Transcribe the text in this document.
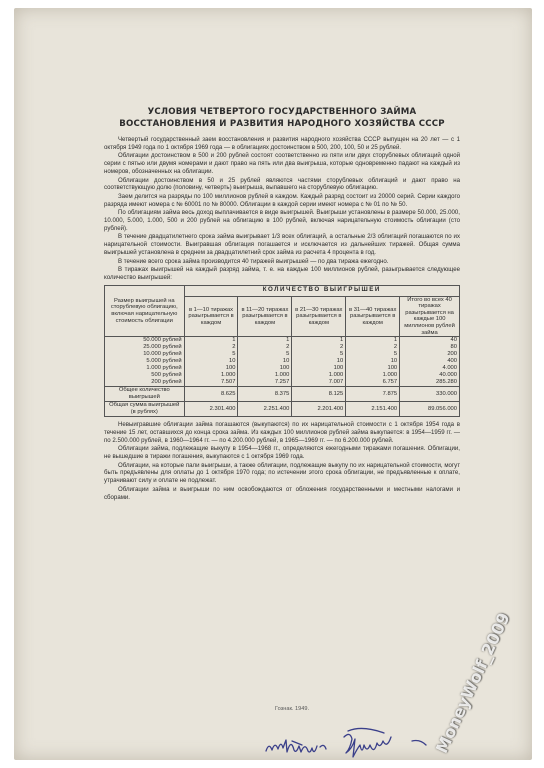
УСЛОВИЯ ЧЕТВЕРТОГО ГОСУДАРСТВЕННОГО ЗАЙМА
ВОССТАНОВЛЕНИЯ И РАЗВИТИЯ НАРОДНОГО ХОЗЯЙСТВА СССР

Четвертый государственный заем восстановления и развития народного хозяйства СССР выпущен на 20 лет — с 1 октября 1949 года по 1 октября 1969 года — в облигациях достоинством в 500, 200, 100, 50 и 25 рублей.

Облигации достоинством в 500 и 200 рублей состоят соответственно из пяти или двух сторублевых облигаций одной серии с пятью или двумя номерами и дают право на пять или два выигрыша, которые одновременно падают на каждый из номеров, обозначенных на облигации.

Облигации достоинством в 50 и 25 рублей являются частями сторублевых облигаций и дают право на соответствующую долю (половину, четверть) выигрыша, выпавшего на сторублевую облигацию.

Заем делится на разряды по 100 миллионов рублей в каждом. Каждый разряд состоит из 20000 серий. Серии каждого разряда имеют номера с № 60001 по № 80000. Облигации в каждой серии имеют номера с № 01 по № 50.

По облигациям займа весь доход выплачивается в виде выигрышей. Выигрыши установлены в размере 50.000, 25.000, 10.000, 5.000, 1.000, 500 и 200 рублей на облигацию в 100 рублей, включая нарицательную стоимость облигации (сто рублей).

В течение двадцатилетнего срока займа выигрывает 1/3 всех облигаций, а остальные 2/3 облигаций погашаются по их нарицательной стоимости. Выигравшая облигация погашается и исключается из дальнейших тиражей. Общая сумма выигрышей установлена в среднем за двадцатилетний срок займа из расчета 4 процента в год.

В течение всего срока займа производится 40 тиражей выигрышей — по два тиража ежегодно.

В тиражах выигрышей на каждый разряд займа, т. е. на каждые 100 миллионов рублей, разыгрывается следующее количество выигрышей:

Размер выигрышей на сторублевую облигацию, включая нарицательную стоимость облигации	КОЛИЧЕСТВО ВЫИГРЫШЕЙ				
	в 1—10 тиражах разыгрывается в каждом	в 11—20 тиражах разыгрывается в каждом	в 21—30 тиражах разыгрывается в каждом	в 31—40 тиражах разыгрывается в каждом	Итого во всех 40 тиражах разыгрывается на каждые 100 миллионов рублей займа
50.000 рублей	1	1	1	1	40
25.000 рублей	2	2	2	2	80
10.000 рублей	5	5	5	5	200
5.000 рублей	10	10	10	10	400
1.000 рублей	100	100	100	100	4.000
500 рублей	1.000	1.000	1.000	1.000	40.000
200 рублей	7.507	7.257	7.007	6.757	285.280
Общее количество выигрышей	8.625	8.375	8.125	7.875	330.000
Общая сумма выигрышей (в рублях)	2.301.400	2.251.400	2.201.400	2.151.400	89.056.000

Невыигравшие облигации займа погашаются (выкупаются) по их нарицательной стоимости с 1 октября 1954 года в течение 15 лет, оставшихся до конца срока займа. Из каждых 100 миллионов рублей займа выкупается: в 1954—1959 гг. — по 2.500.000 рублей, в 1960—1964 гг. — по 4.200.000 рублей, в 1965—1969 гг. — по 6.200.000 рублей.

Облигации займа, подлежащие выкупу в 1954—1968 гг., определяются ежегодными тиражами погашения. Облигации, не вышедшие в тиражи погашения, выкупаются с 1 октября 1969 года.

Облигации, на которые пали выигрыши, а также облигации, подлежащие выкупу по их нарицательной стоимости, могут быть предъявлены для оплаты до 1 октября 1970 года; по истечении этого срока облигации, не предъявленные к оплате, утрачивают силу и оплате не подлежат.

Облигации займа и выигрыши по ним освобождаются от обложения государственными и местными налогами и сборами.

Гознак. 1949.	MoneyWolf_2009
